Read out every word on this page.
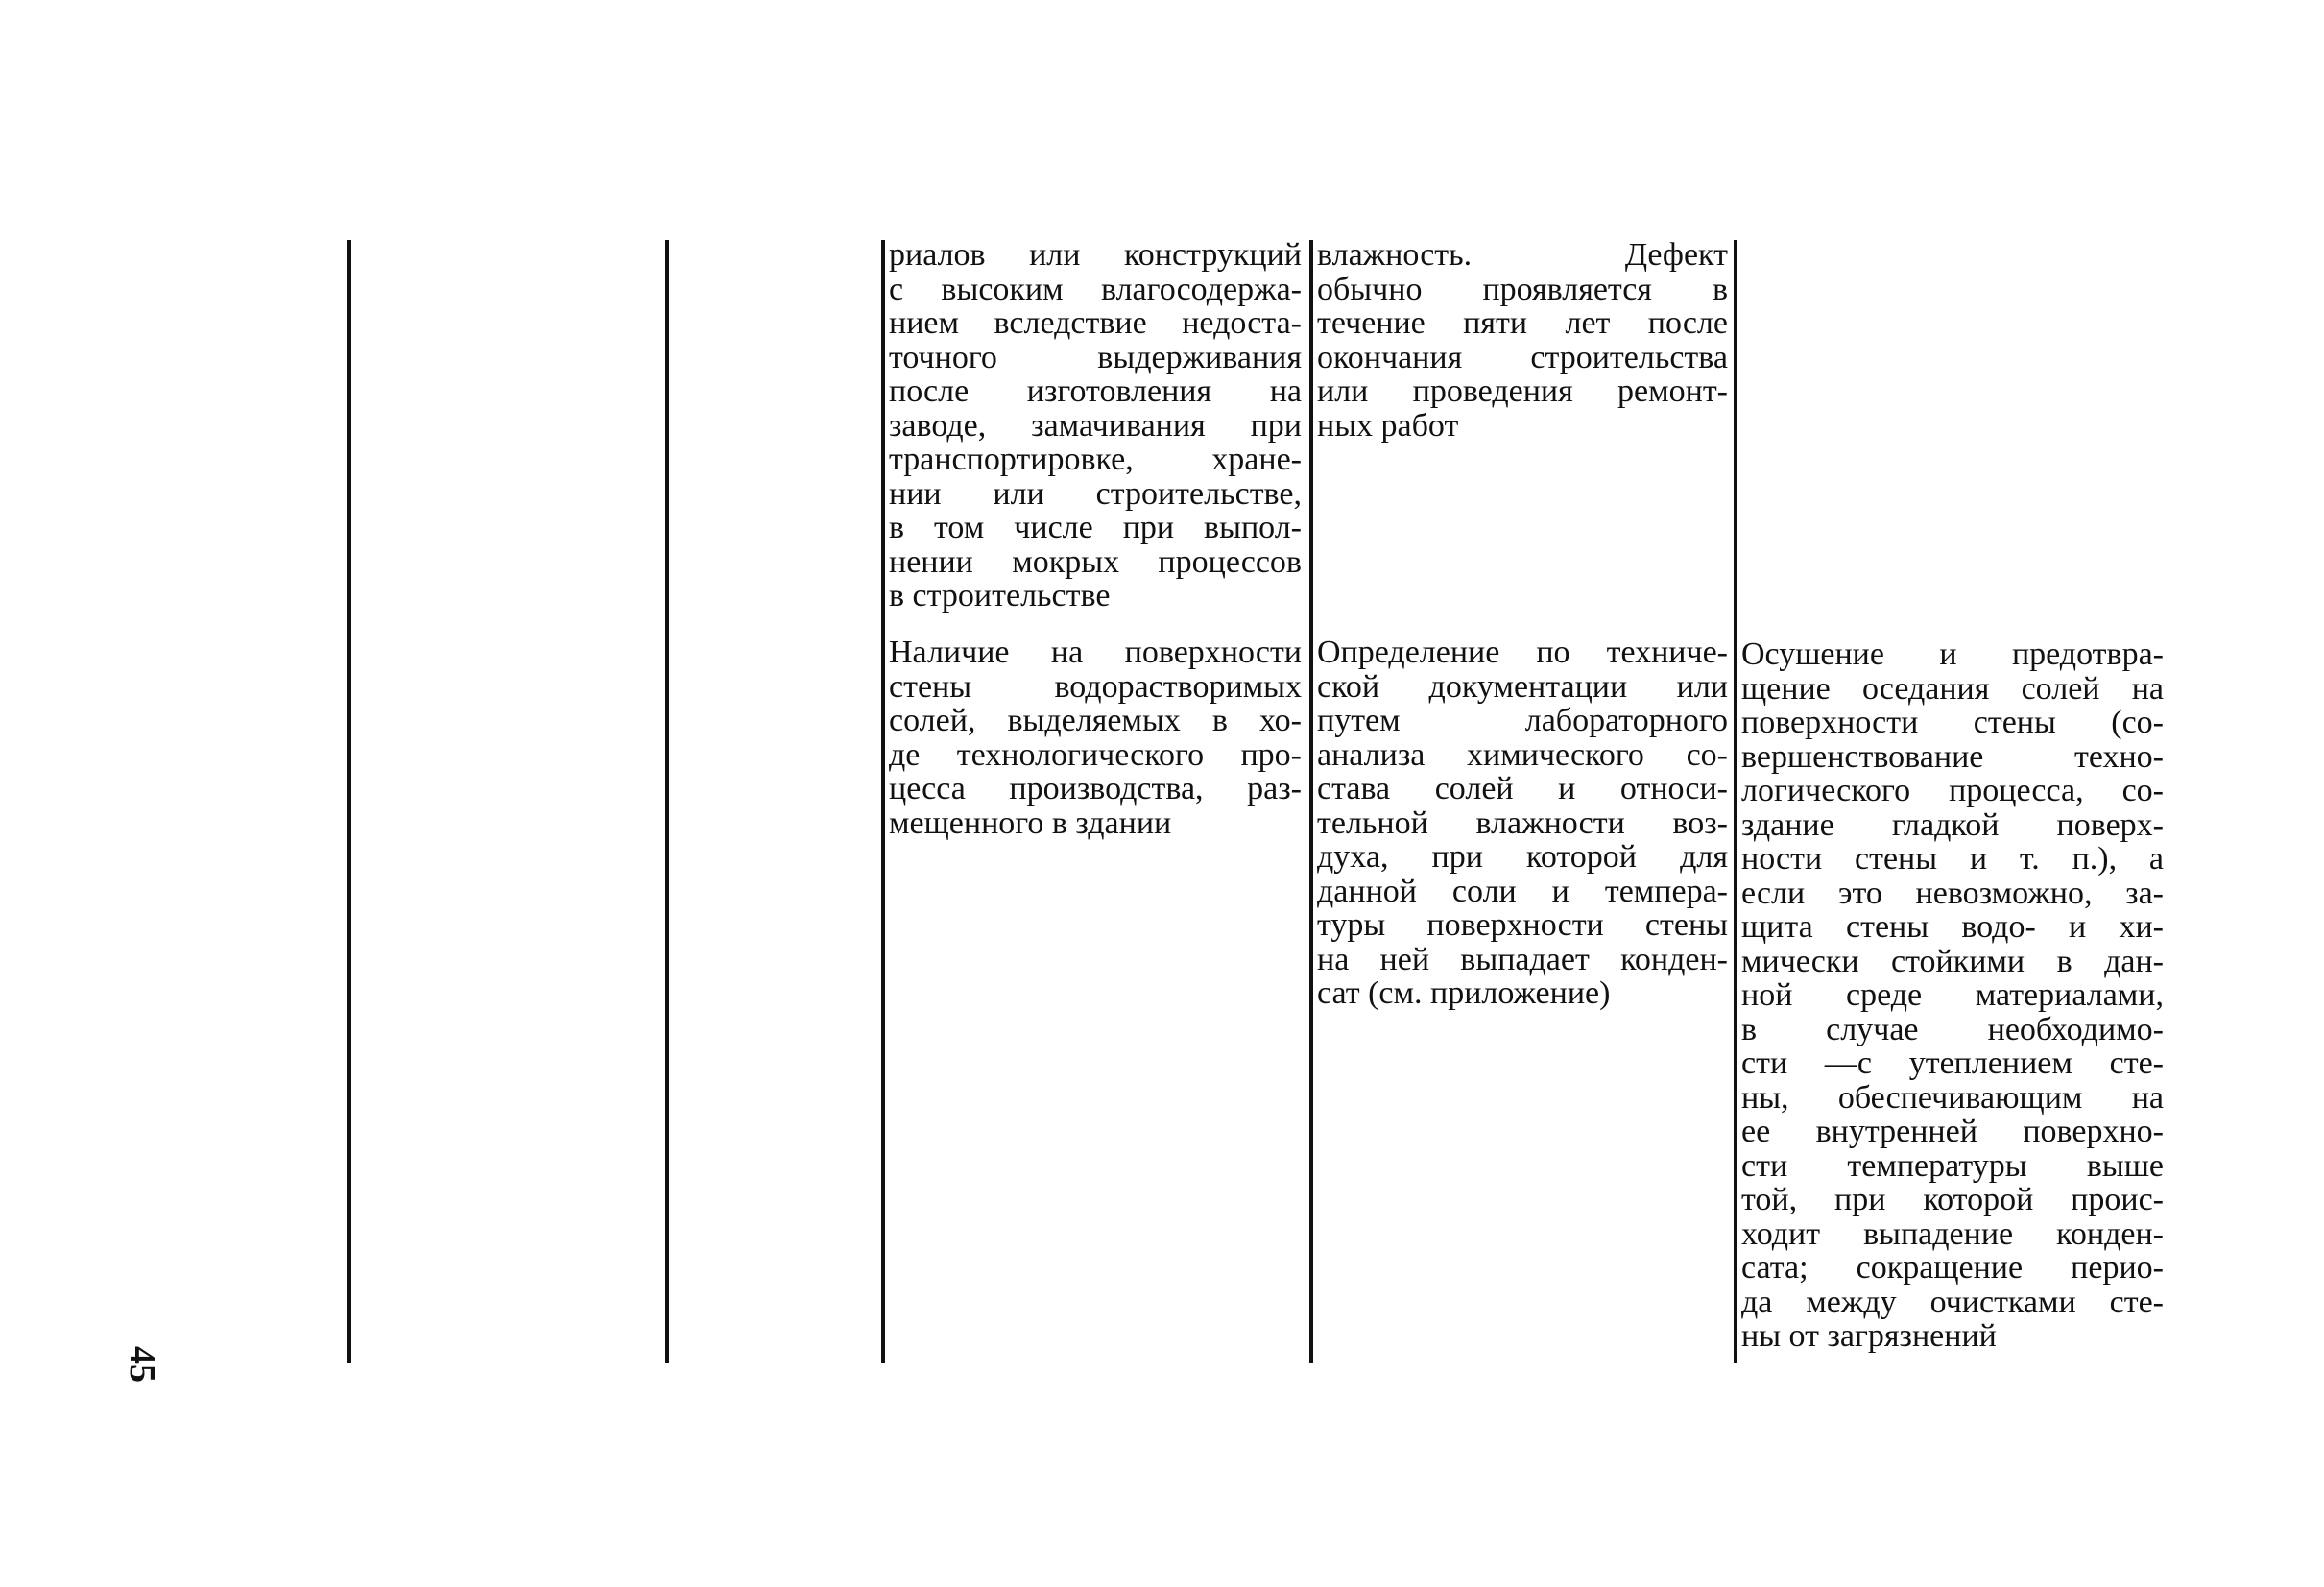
риалов или конструкций
с высоким влагосодержа-
нием вследствие недоста-
точного выдерживания
после изготовления на
заводе, замачивания при
транспортировке, хране-
нии или строительстве,
в том числе при выпол-
нении мокрых процессов
в строительстве
влажность. Дефект
обычно проявляется в
течение пяти лет после
окончания строительства
или проведения ремонт-
ных работ
Наличие на поверхности
стены водорастворимых
солей, выделяемых в хо-
де технологического про-
цесса производства, раз-
мещенного в здании
Определение по техниче-
ской документации или
путем лабораторного
анализа химического со-
става солей и относи-
тельной влажности воз-
духа, при которой для
данной соли и темпера-
туры поверхности стены
на ней выпадает конден-
сат (см. приложение)
Осушение и предотвра-
щение оседания солей на
поверхности стены (со-
вершенствование техно-
логического процесса, со-
здание гладкой поверх-
ности стены и т. п.), а
если это невозможно, за-
щита стены водо- и хи-
мически стойкими в дан-
ной среде материалами,
в случае необходимо-
сти —с утеплением сте-
ны, обеспечивающим на
ее внутренней поверхно-
сти температуры выше
той, при которой проис-
ходит выпадение конден-
сата; сокращение перио-
да между очистками сте-
ны от загрязнений
45
